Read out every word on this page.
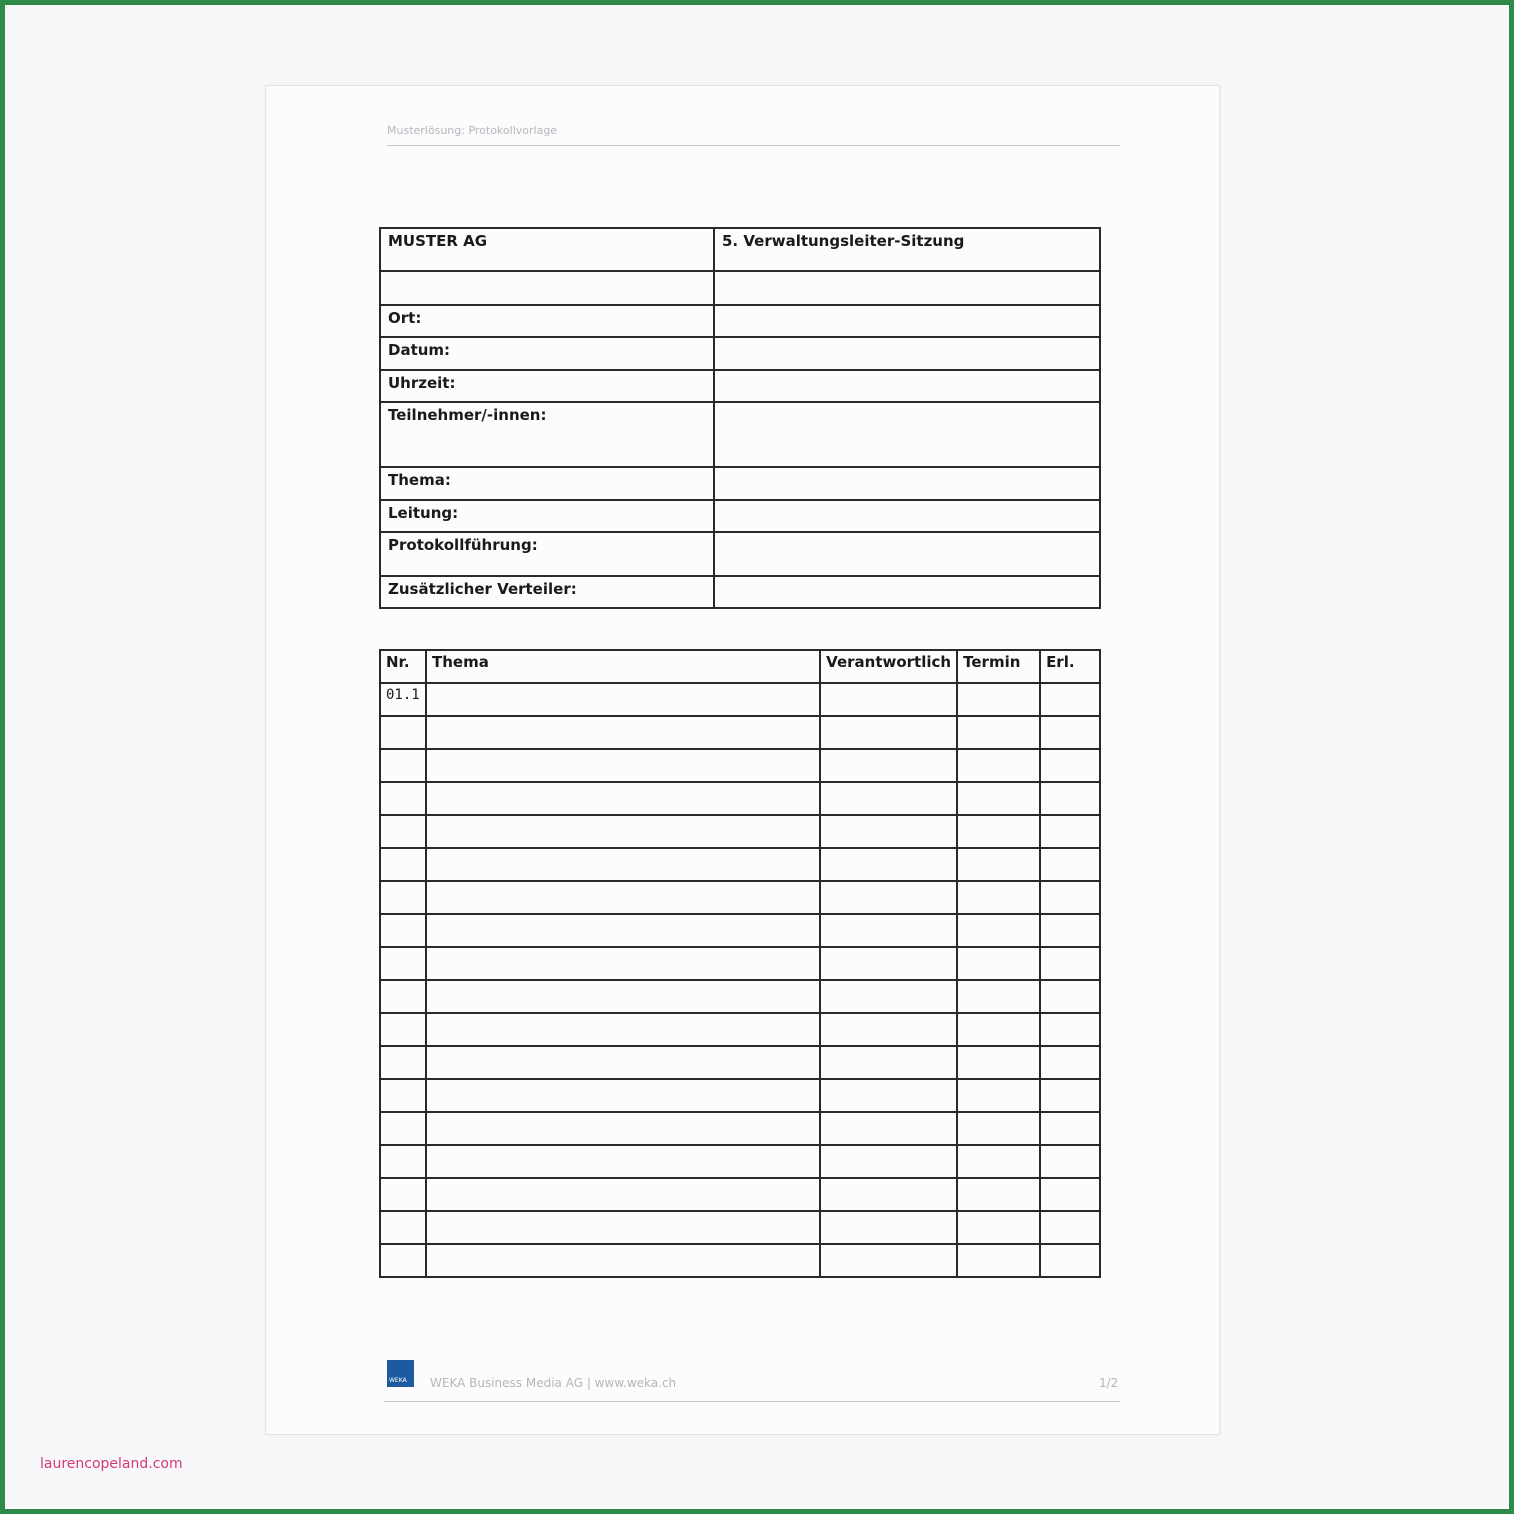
Musterlösung: Protokollvorlage
MUSTER AG	5. Verwaltungsleiter-Sitzung

Ort:	
Datum:	
Uhrzeit:	
Teilnehmer/-innen:	
Thema:	
Leitung:	
Protokollführung:	
Zusätzlicher Verteiler:	
Nr.	Thema	Verantwortlich	Termin	Erl.
01.1				

WEKA WEKA Business Media AG | www.weka.ch	1/2
laurencopeland.com
